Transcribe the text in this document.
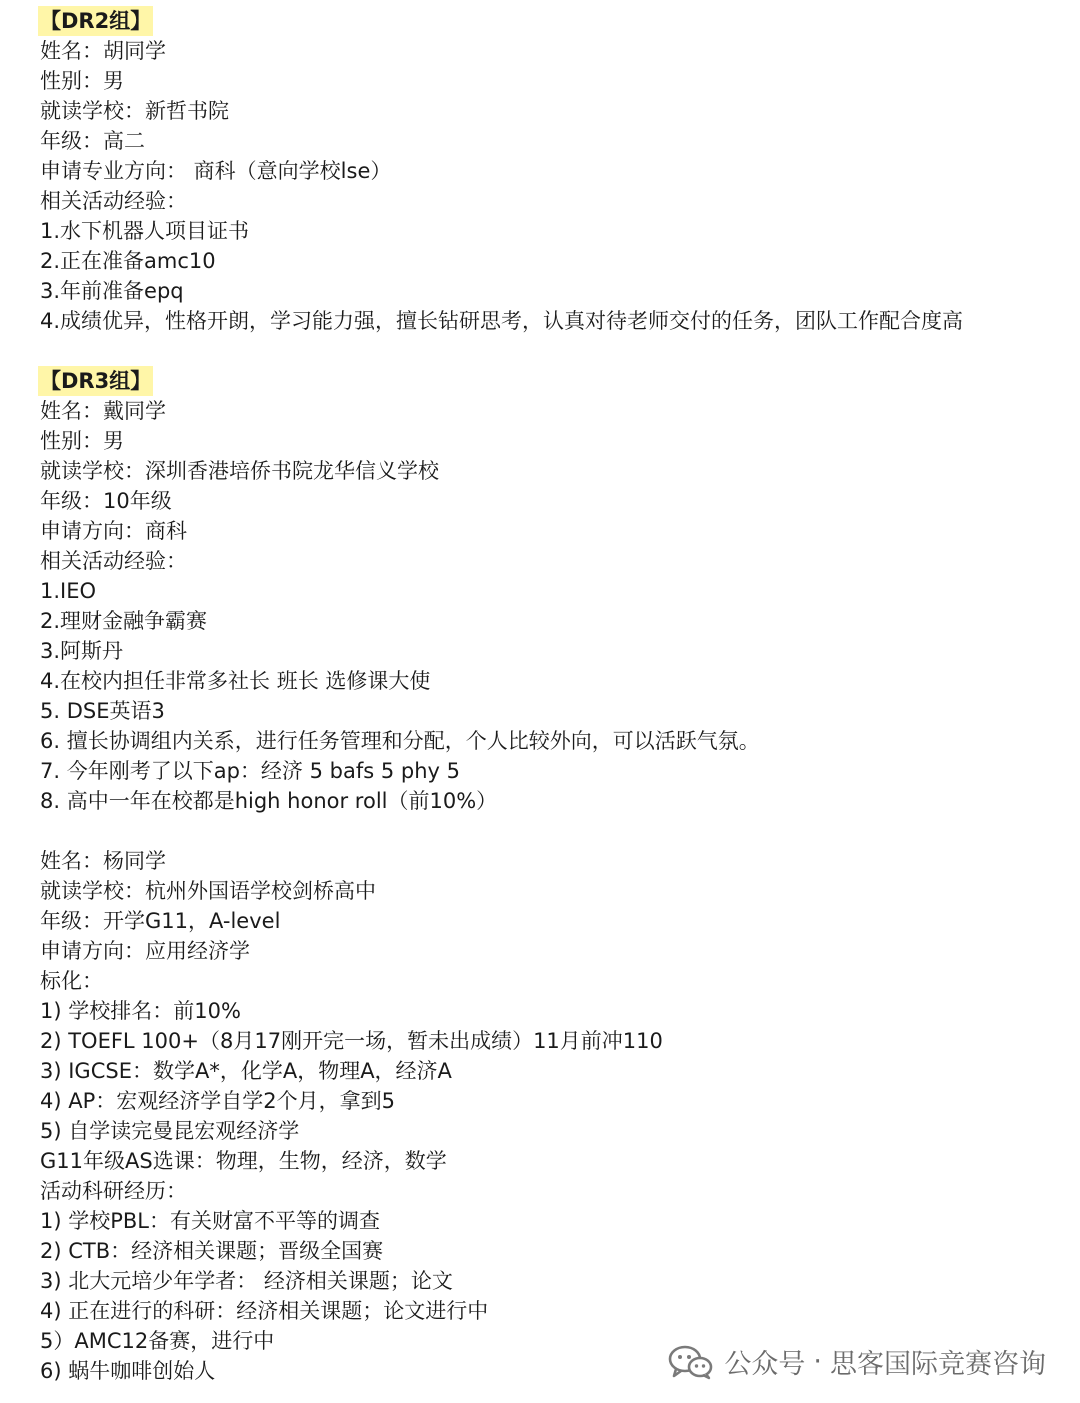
【DR2组】
姓名：胡同学
性别：男
就读学校：新哲书院
年级：高二
申请专业方向： 商科（意向学校lse）
相关活动经验：
1.水下机器人项目证书
2.正在准备amc10
3.年前准备epq
4.成绩优异，性格开朗，学习能力强，擅长钻研思考，认真对待老师交付的任务，团队工作配合度高
【DR3组】
姓名：戴同学
性别：男
就读学校：深圳香港培侨书院龙华信义学校
年级：10年级
申请方向：商科
相关活动经验：
1.IEO
2.理财金融争霸赛
3.阿斯丹
4.在校内担任非常多社长 班长 选修课大使
5. DSE英语3
6. 擅长协调组内关系，进行任务管理和分配，个人比较外向，可以活跃气氛。
7. 今年刚考了以下ap：经济 5 bafs 5 phy 5
8. 高中一年在校都是high honor roll（前10%）
姓名：杨同学
就读学校：杭州外国语学校剑桥高中
年级：开学G11，A-level
申请方向：应用经济学
标化：
1) 学校排名：前10%
2) TOEFL 100+（8月17刚开完一场，暂未出成绩）11月前冲110
3) IGCSE：数学A*，化学A，物理A，经济A
4) AP：宏观经济学自学2个月，拿到5
5) 自学读完曼昆宏观经济学
G11年级AS选课：物理，生物，经济，数学
活动科研经历：
1) 学校PBL：有关财富不平等的调查
2) CTB：经济相关课题；晋级全国赛
3) 北大元培少年学者： 经济相关课题；论文
4) 正在进行的科研：经济相关课题；论文进行中
5）AMC12备赛，进行中
6) 蜗牛咖啡创始人	公众号 · 思客国际竞赛咨询
